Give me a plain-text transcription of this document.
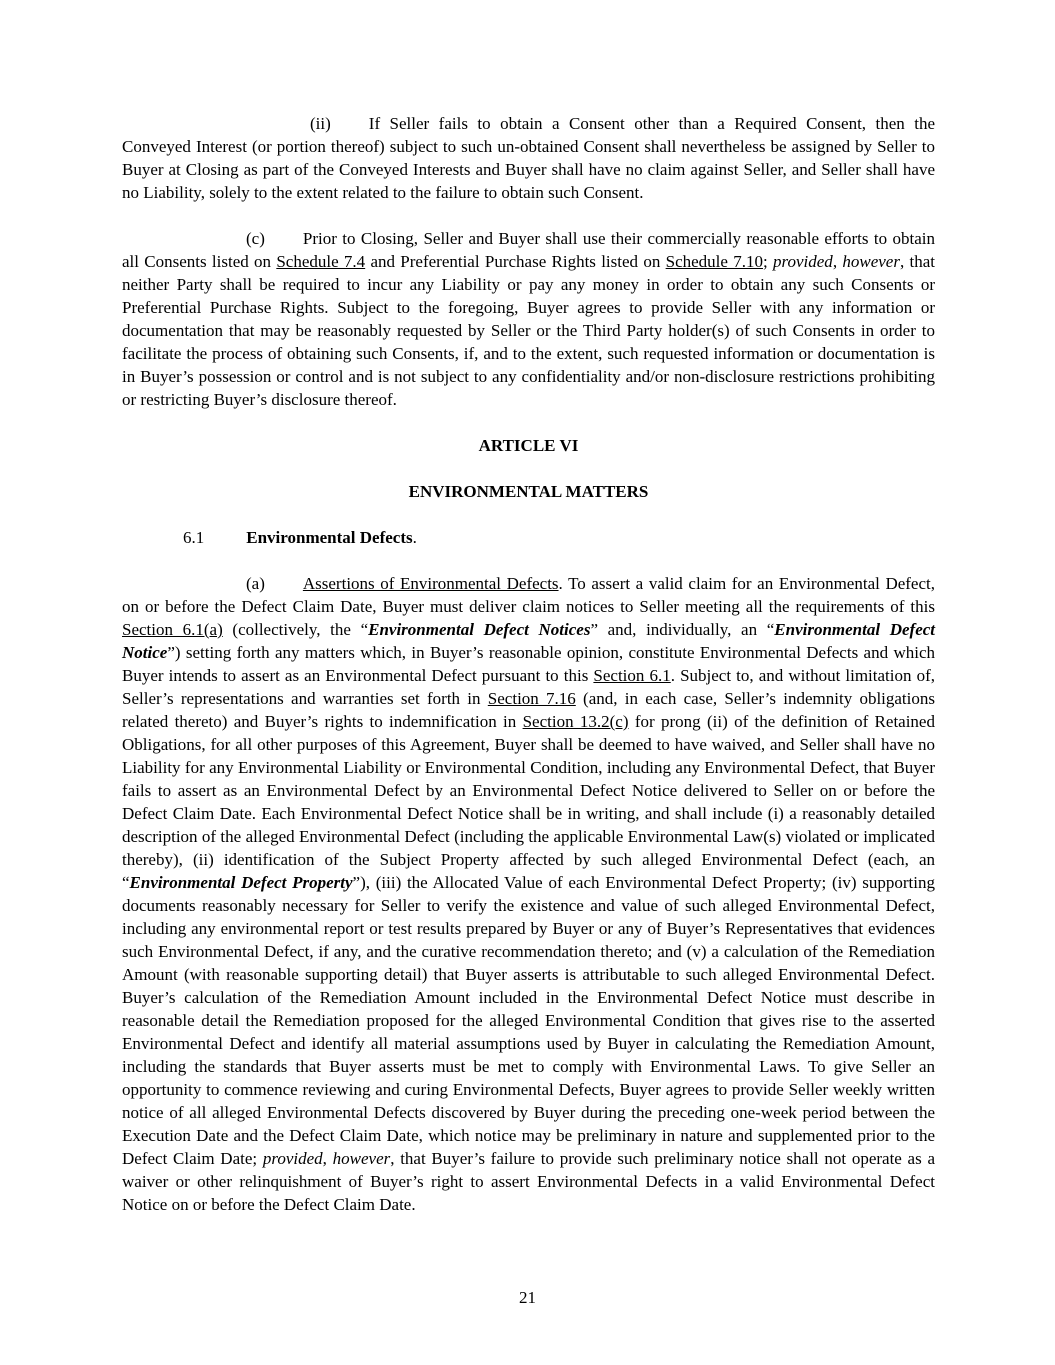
(ii) If Seller fails to obtain a Consent other than a Required Consent, then the Conveyed Interest (or portion thereof) subject to such un-obtained Consent shall nevertheless be assigned by Seller to Buyer at Closing as part of the Conveyed Interests and Buyer shall have no claim against Seller, and Seller shall have no Liability, solely to the extent related to the failure to obtain such Consent.

(c) Prior to Closing, Seller and Buyer shall use their commercially reasonable efforts to obtain all Consents listed on Schedule 7.4 and Preferential Purchase Rights listed on Schedule 7.10; provided, however, that neither Party shall be required to incur any Liability or pay any money in order to obtain any such Consents or Preferential Purchase Rights. Subject to the foregoing, Buyer agrees to provide Seller with any information or documentation that may be reasonably requested by Seller or the Third Party holder(s) of such Consents in order to facilitate the process of obtaining such Consents, if, and to the extent, such requested information or documentation is in Buyer’s possession or control and is not subject to any confidentiality and/or non-disclosure restrictions prohibiting or restricting Buyer’s disclosure thereof.

ARTICLE VI
ENVIRONMENTAL MATTERS

6.1 Environmental Defects.

(a) Assertions of Environmental Defects. To assert a valid claim for an Environmental Defect, on or before the Defect Claim Date, Buyer must deliver claim notices to Seller meeting all the requirements of this Section 6.1(a) (collectively, the “Environmental Defect Notices” and, individually, an “Environmental Defect Notice”) setting forth any matters which, in Buyer’s reasonable opinion, constitute Environmental Defects and which Buyer intends to assert as an Environmental Defect pursuant to this Section 6.1. Subject to, and without limitation of, Seller’s representations and warranties set forth in Section 7.16 (and, in each case, Seller’s indemnity obligations related thereto) and Buyer’s rights to indemnification in Section 13.2(c) for prong (ii) of the definition of Retained Obligations, for all other purposes of this Agreement, Buyer shall be deemed to have waived, and Seller shall have no Liability for any Environmental Liability or Environmental Condition, including any Environmental Defect, that Buyer fails to assert as an Environmental Defect by an Environmental Defect Notice delivered to Seller on or before the Defect Claim Date. Each Environmental Defect Notice shall be in writing, and shall include (i) a reasonably detailed description of the alleged Environmental Defect (including the applicable Environmental Law(s) violated or implicated thereby), (ii) identification of the Subject Property affected by such alleged Environmental Defect (each, an “Environmental Defect Property”), (iii) the Allocated Value of each Environmental Defect Property; (iv) supporting documents reasonably necessary for Seller to verify the existence and value of such alleged Environmental Defect, including any environmental report or test results prepared by Buyer or any of Buyer’s Representatives that evidences such Environmental Defect, if any, and the curative recommendation thereto; and (v) a calculation of the Remediation Amount (with reasonable supporting detail) that Buyer asserts is attributable to such alleged Environmental Defect. Buyer’s calculation of the Remediation Amount included in the Environmental Defect Notice must describe in reasonable detail the Remediation proposed for the alleged Environmental Condition that gives rise to the asserted Environmental Defect and identify all material assumptions used by Buyer in calculating the Remediation Amount, including the standards that Buyer asserts must be met to comply with Environmental Laws. To give Seller an opportunity to commence reviewing and curing Environmental Defects, Buyer agrees to provide Seller weekly written notice of all alleged Environmental Defects discovered by Buyer during the preceding one-week period between the Execution Date and the Defect Claim Date, which notice may be preliminary in nature and supplemented prior to the Defect Claim Date; provided, however, that Buyer’s failure to provide such preliminary notice shall not operate as a waiver or other relinquishment of Buyer’s right to assert Environmental Defects in a valid Environmental Defect Notice on or before the Defect Claim Date.

21
